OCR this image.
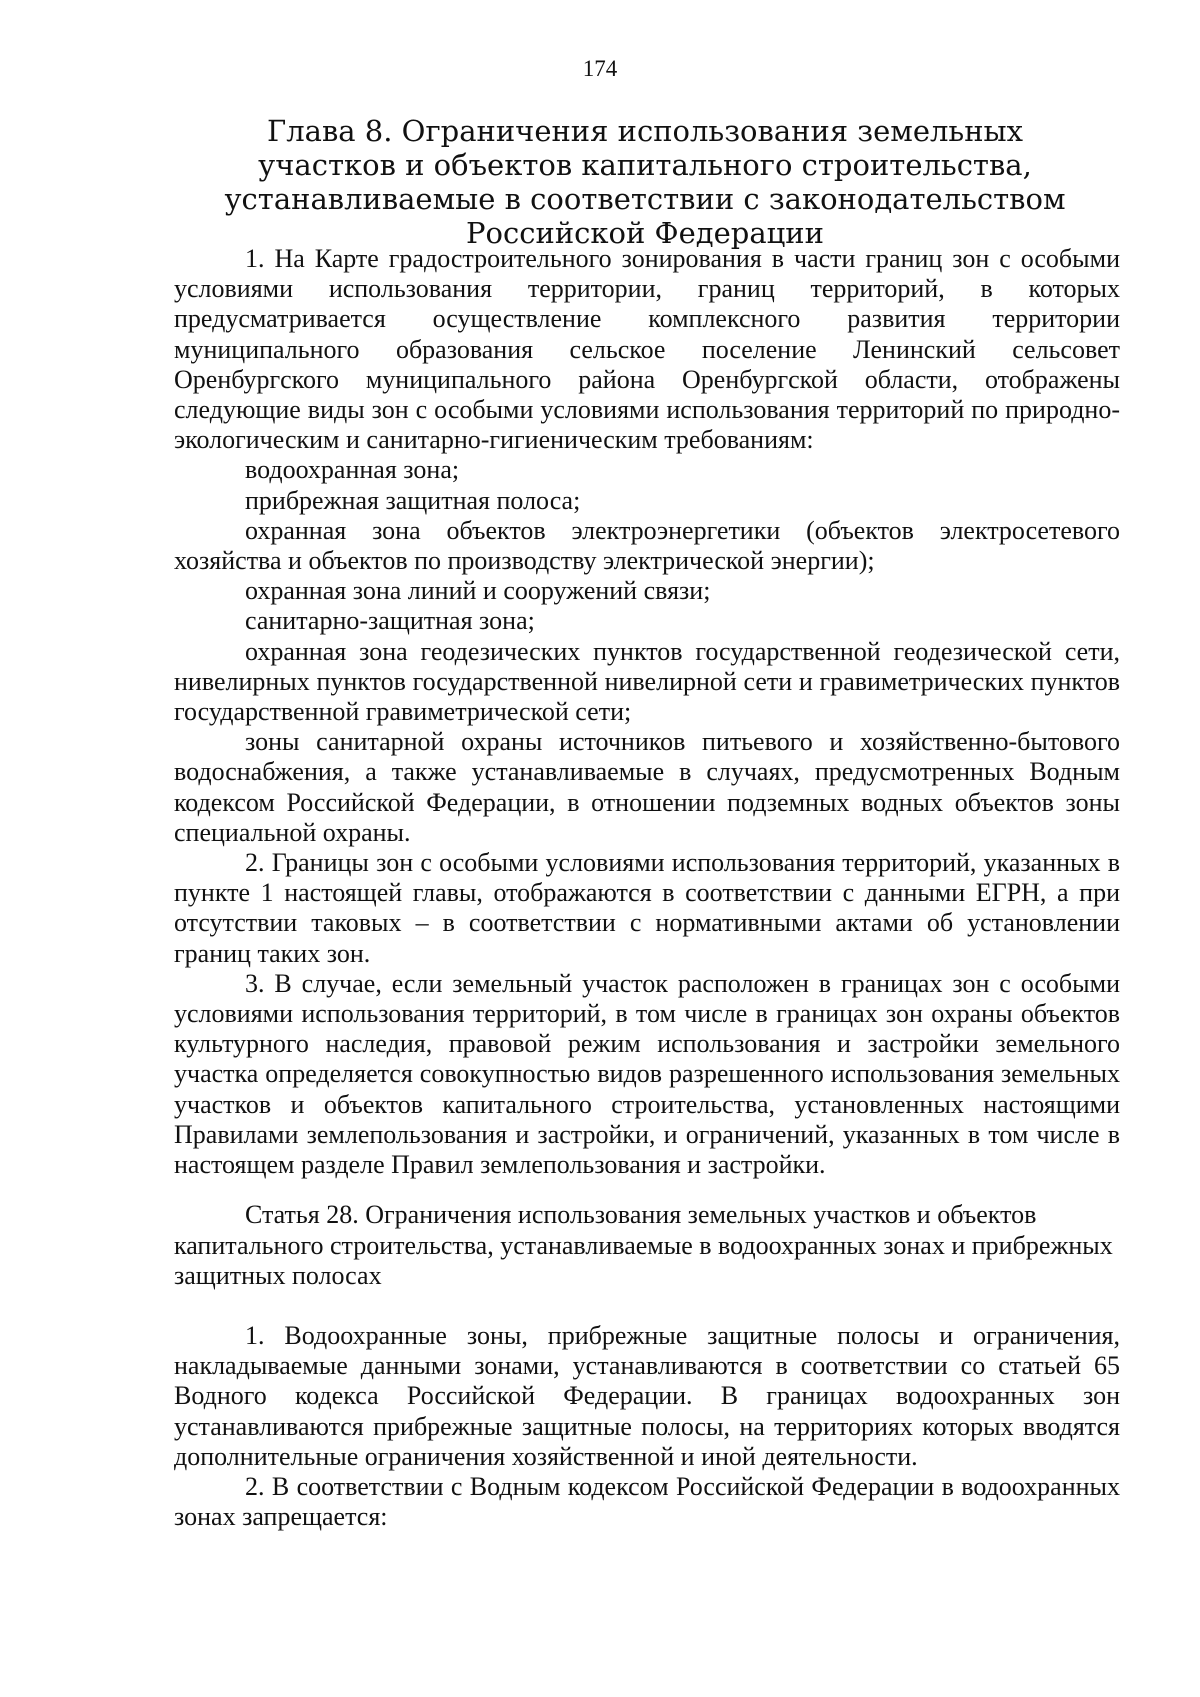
174
Глава 8. Ограничения использования земельных участков и объектов капитального строительства, устанавливаемые в соответствии с законодательством Российской Федерации

1. На Карте градостроительного зонирования в части границ зон с особыми условиями использования территории, границ территорий, в которых предусматривается осуществление комплексного развития территории муниципального образования сельское поселение Ленинский сельсовет Оренбургского муниципального района Оренбургской области, отображены следующие виды зон с особыми условиями использования территорий по природно-экологическим и санитарно-гигиеническим требованиям:

водоохранная зона;

прибрежная защитная полоса;

охранная зона объектов электроэнергетики (объектов электросетевого хозяйства и объектов по производству электрической энергии);

охранная зона линий и сооружений связи;

санитарно-защитная зона;

охранная зона геодезических пунктов государственной геодезической сети, нивелирных пунктов государственной нивелирной сети и гравиметрических пунктов государственной гравиметрической сети;

зоны санитарной охраны источников питьевого и хозяйственно-бытового водоснабжения, а также устанавливаемые в случаях, предусмотренных Водным кодексом Российской Федерации, в отношении подземных водных объектов зоны специальной охраны.

2. Границы зон с особыми условиями использования территорий, указанных в пункте 1 настоящей главы, отображаются в соответствии с данными ЕГРН, а при отсутствии таковых – в соответствии с нормативными актами об установлении границ таких зон.

3. В случае, если земельный участок расположен в границах зон с особыми условиями использования территорий, в том числе в границах зон охраны объектов культурного наследия, правовой режим использования и застройки земельного участка определяется совокупностью видов разрешенного использования земельных участков и объектов капитального строительства, установленных настоящими Правилами землепользования и застройки, и ограничений, указанных в том числе в настоящем разделе Правил землепользования и застройки.

Статья 28. Ограничения использования земельных участков и объектов капитального строительства, устанавливаемые в водоохранных зонах и прибрежных защитных полосах

1. Водоохранные зоны, прибрежные защитные полосы и ограничения, накладываемые данными зонами, устанавливаются в соответствии со статьей 65 Водного кодекса Российской Федерации. В границах водоохранных зон устанавливаются прибрежные защитные полосы, на территориях которых вводятся дополнительные ограничения хозяйственной и иной деятельности.

2. В соответствии с Водным кодексом Российской Федерации в водоохранных зонах запрещается:
